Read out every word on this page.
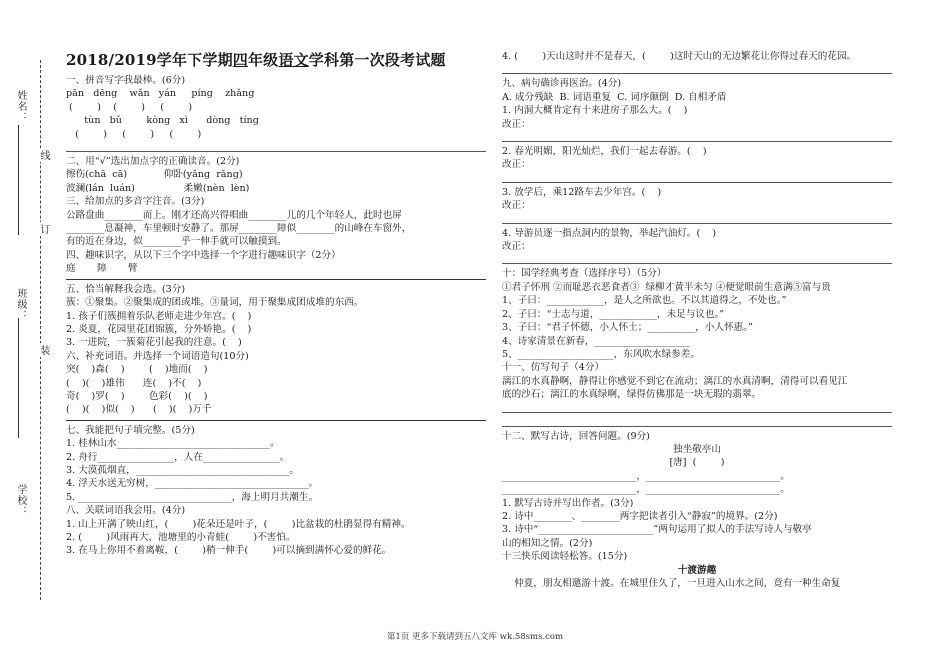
姓名：
班级：
学校：
线
订
装
2018/2019学年下学期四年级语文学科第一次段考试题
一、拼音写字我最棒。(6分)
pān   dēng    wǎn   yán     píng    zhǎng
(        )    (        )     (        )
tùn   bǔ        kòng   xì      dòng   tíng
(        )     (        )     (        )
二、用“√”选出加点字的正确读音。(2分)
擦伤(chā  cā)            仰卧(yǎng  rǎng)
波澜(lán  luán)                柔嫩(nèn  lèn)
三、给加点的多音字注音。(3分)
公路盘曲________而上。刚才还高兴得唱曲________儿的几个年轻人，此时也屏
________息凝神，车里顿时安静了。那屏________障似________的山峰在车窗外，
有的近在身边，似________乎一伸手就可以触摸到。
四、趣味识字，从以下三个字中选择一个字进行趣味识字（2分）
庭       障       臂
五、恰当解释我会选。(3分)
簇：①聚集。②聚集成的团或堆。③量词，用于聚集成团成堆的东西。
1. 孩子们簇拥着乐队老师走进少年宫。(    )
2. 炎夏，花园里花团锦簇，分外娇艳。(    )
3. 一进院，一簇菊花引起我的注意。(    )
六、补充词语。并选择一个词语造句(10分)
突(    )森(    )        (    )地而(    )
(    )(    )雄伟      连(    )不(    )
奇(    )罗(    )        色彩(    )(    )
(    )(    )似(    )      (    )(    )万千
七、我能把句子填完整。(5分)
1. 桂林山水________________________________。
2. 舟行________________，人在________________。
3. 大漠孤烟直，________________________________。
4. 浮天水送无穷树，________________________________。
5. ________________________________，海上明月共潮生。
八、关联词语我会用。(4分)
1. 山上开满了映山红，(        )花朵还是叶子，(        )比盆栽的杜鹃显得有精神。
2. (        )风雨再大，池塘里的小青蛙(        )不害怕。
3. 在马上你用不着离鞍，(        )稍一伸手(        )可以摘到满怀心爱的鲜花。
4. (        )天山这时并不是春天，(        )这时天山的无边繁花让你得过春天的花园。
九、病句确诊再医治。(4分)
A. 成分残缺  B. 词语重复  C. 词序颠倒  D. 自相矛盾
1. 内洞大概肯定有十来进房子那么大。(    )
改正：
2. 春光明媚，阳光灿烂，我们一起去春游。(    )
改正：
3. 放学后，乘12路车去少年宫。(    )
改正：
4. 导游员逐一指点洞内的景物，举起汽油灯。(    )
改正：
十：国学经典考查（选择序号）（5分）
①君子怀刑 ②而耻恶衣恶食者③  绿柳才黄半未匀 ④便觉眼前生意满⑤富与贵
1、子曰：____________，是人之所欲也。不以其道得之，不处也。”
2、子曰：“士志与道，____________，未足与议也。”
3、子曰：“君子怀德，小人怀土；__________，小人怀惠。”
4、诗家清景在新春，____________________
5、____________________，东风吹水绿参差。
十一、仿写句子（4分）
漓江的水真静啊，静得让你感觉不到它在流动；漓江的水真清啊，清得可以看见江
底的沙石；漓江的水真绿啊，绿得仿佛那是一块无瑕的翡翠。
十二、默写古诗，回答问题。(9分)
独坐敬亭山
[唐]  (        )
____________________________，____________________________。
____________________________，____________________________。
1. 默写古诗并写出作者。(3分)
2. 诗中________、________两字把读者引入“静寂”的境界。(2分)
3. 诗中“________________________”两句运用了拟人的手法写诗人与敬亭
山的相知之情。(2分)
十三快乐阅读轻松答。(15分)
十渡游趣
仲夏，朋友相邀游十渡。在城里住久了，一旦进入山水之间，竟有一种生命复
第1页 更多下载请到五八文库 wk.58sms.com
